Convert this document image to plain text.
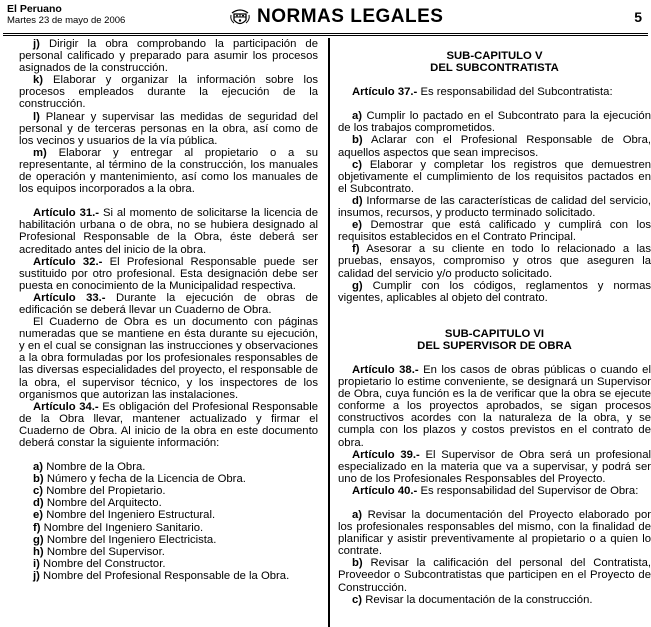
El Peruano
Martes 23 de mayo de 2006	NORMAS LEGALES	5
j) Dirigir la obra comprobando la participación de personal calificado y preparado para asumir los procesos asignados de la construcción.
k) Elaborar y organizar la información sobre los procesos empleados durante la ejecución de la construcción.
l) Planear y supervisar las medidas de seguridad del personal y de terceras personas en la obra, así como de los vecinos y usuarios de la vía pública.
m) Elaborar y entregar al propietario o a su representante, al término de la construcción, los manuales de operación y mantenimiento, así como los manuales de los equipos incorporados a la obra.
Artículo 31.- Si al momento de solicitarse la licencia de habilitación urbana o de obra, no se hubiera designado al Profesional Responsable de la Obra, éste deberá ser acreditado antes del inicio de la obra.
Artículo 32.- El Profesional Responsable puede ser sustituido por otro profesional. Esta designación debe ser puesta en conocimiento de la Municipalidad respectiva.
Artículo 33.- Durante la ejecución de obras de edificación se deberá llevar un Cuaderno de Obra.
El Cuaderno de Obra es un documento con páginas numeradas que se mantiene en ésta durante su ejecución, y en el cual se consignan las instrucciones y observaciones a la obra formuladas por los profesionales responsables de las diversas especialidades del proyecto, el responsable de la obra, el supervisor técnico, y los inspectores de los organismos que autorizan las instalaciones.
Artículo 34.- Es obligación del Profesional Responsable de la Obra llevar, mantener actualizado y firmar el Cuaderno de Obra. Al inicio de la obra en este documento deberá constar la siguiente información:
a) Nombre de la Obra.
b) Número y fecha de la Licencia de Obra.
c) Nombre del Propietario.
d) Nombre del Arquitecto.
e) Nombre del Ingeniero Estructural.
f) Nombre del Ingeniero Sanitario.
g) Nombre del Ingeniero Electricista.
h) Nombre del Supervisor.
i) Nombre del Constructor.
j) Nombre del Profesional Responsable de la Obra.
SUB-CAPITULO V
DEL SUBCONTRATISTA
Artículo 37.- Es responsabilidad del Subcontratista:
a) Cumplir lo pactado en el Subcontrato para la ejecución de los trabajos comprometidos.
b) Aclarar con el Profesional Responsable de Obra, aquellos aspectos que sean imprecisos.
c) Elaborar y completar los registros que demuestren objetivamente el cumplimiento de los requisitos pactados en el Subcontrato.
d) Informarse de las características de calidad del servicio, insumos, recursos, y producto terminado solicitado.
e) Demostrar que está calificado y cumplirá con los requisitos establecidos en el Contrato Principal.
f) Asesorar a su cliente en todo lo relacionado a las pruebas, ensayos, compromiso y otros que aseguren la calidad del servicio y/o producto solicitado.
g) Cumplir con los códigos, reglamentos y normas vigentes, aplicables al objeto del contrato.
SUB-CAPITULO VI
DEL SUPERVISOR DE OBRA
Artículo 38.- En los casos de obras públicas o cuando el propietario lo estime conveniente, se designará un Supervisor de Obra, cuya función es la de verificar que la obra se ejecute conforme a los proyectos aprobados, se sigan procesos constructivos acordes con la naturaleza de la obra, y se cumpla con los plazos y costos previstos en el contrato de obra.
Artículo 39.- El Supervisor de Obra será un profesional especializado en la materia que va a supervisar, y podrá ser uno de los Profesionales Responsables del Proyecto.
Artículo 40.- Es responsabilidad del Supervisor de Obra:
a) Revisar la documentación del Proyecto elaborado por los profesionales responsables del mismo, con la finalidad de planificar y asistir preventivamente al propietario o a quien lo contrate.
b) Revisar la calificación del personal del Contratista, Proveedor o Subcontratistas que participen en el Proyecto de Construcción.
c) Revisar la documentación de la construcción.
